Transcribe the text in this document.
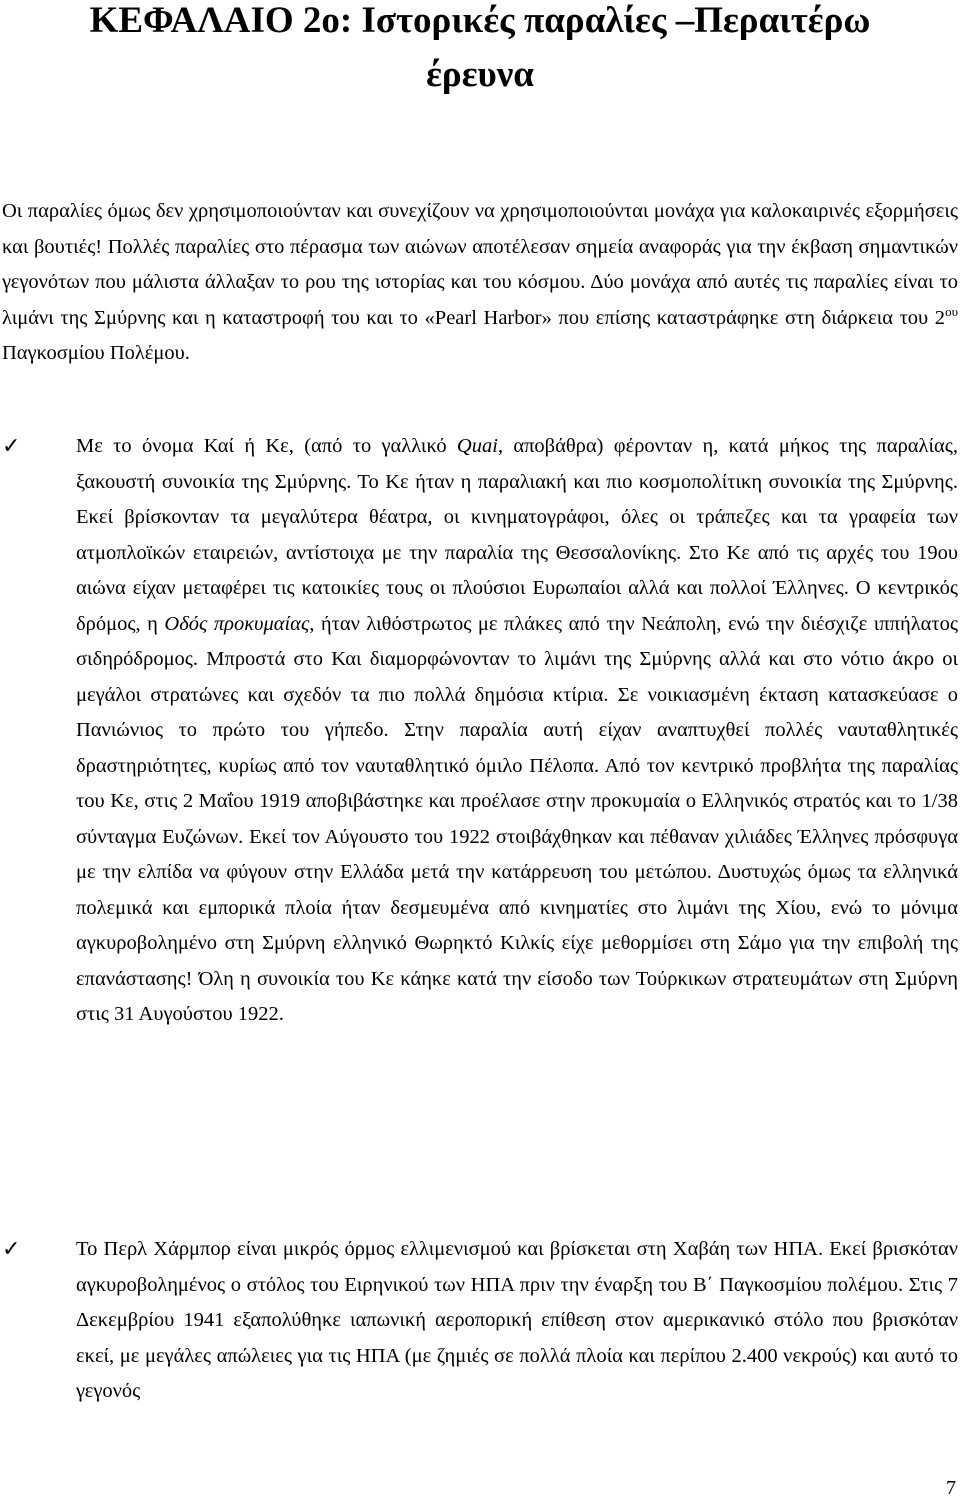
ΚΕΦΑΛΑΙΟ 2ο: Ιστορικές παραλίες –Περαιτέρω
έρευνα

Οι παραλίες όμως δεν χρησιμοποιούνταν και συνεχίζουν να χρησιμοποιούνται μονάχα για καλοκαιρινές εξορμήσεις και βουτιές! Πολλές παραλίες στο πέρασμα των αιώνων αποτέλεσαν σημεία αναφοράς για την έκβαση σημαντικών γεγονότων που μάλιστα άλλαξαν το ρου της ιστορίας και του κόσμου. Δύο μονάχα από αυτές τις παραλίες είναι το λιμάνι της Σμύρνης και η καταστροφή του και το «Pearl Harbor» που επίσης καταστράφηκε στη διάρκεια του $2^{o\upsilon}$ Παγκοσμίου Πολέμου.

✓	Με το όνομα Καί ή Κε, (από το γαλλικό Quai, αποβάθρα) φέρονταν η, κατά μήκος της παραλίας, ξακουστή συνοικία της Σμύρνης. Το Κε ήταν η παραλιακή και πιο κοσμοπολίτικη συνοικία της Σμύρνης. Εκεί βρίσκονταν τα μεγαλύτερα θέατρα, οι κινηματογράφοι, όλες οι τράπεζες και τα γραφεία των ατμοπλοϊκών εταιρειών, αντίστοιχα με την παραλία της Θεσσαλονίκης. Στο Κε από τις αρχές του 19ου αιώνα είχαν μεταφέρει τις κατοικίες τους οι πλούσιοι Ευρωπαίοι αλλά και πολλοί Έλληνες. Ο κεντρικός δρόμος, η Οδός προκυμαίας, ήταν λιθόστρωτος με πλάκες από την Νεάπολη, ενώ την διέσχιζε ιππήλατος σιδηρόδρομος. Μπροστά στο Και διαμορφώνονταν το λιμάνι της Σμύρνης αλλά και στο νότιο άκρο οι μεγάλοι στρατώνες και σχεδόν τα πιο πολλά δημόσια κτίρια. Σε νοικιασμένη έκταση κατασκεύασε ο Πανιώνιος το πρώτο του γήπεδο. Στην παραλία αυτή είχαν αναπτυχθεί πολλές ναυταθλητικές δραστηριότητες, κυρίως από τον ναυταθλητικό όμιλο Πέλοπα. Από τον κεντρικό προβλήτα της παραλίας του Κε, στις 2 Μαΐου 1919 αποβιβάστηκε και προέλασε στην προκυμαία ο Ελληνικός στρατός και το 1/38 σύνταγμα Ευζώνων. Εκεί τον Αύγουστο του 1922 στοιβάχθηκαν και πέθαναν χιλιάδες Έλληνες πρόσφυγα με την ελπίδα να φύγουν στην Ελλάδα μετά την κατάρρευση του μετώπου. Δυστυχώς όμως τα ελληνικά πολεμικά και εμπορικά πλοία ήταν δεσμευμένα από κινηματίες στο λιμάνι της Χίου, ενώ το μόνιμα αγκυροβολημένο στη Σμύρνη ελληνικό Θωρηκτό Κιλκίς είχε μεθορμίσει στη Σάμο για την επιβολή της επανάστασης! Όλη η συνοικία του Κε κάηκε κατά την είσοδο των Τούρκικων στρατευμάτων στη Σμύρνη στις 31 Αυγούστου 1922.
✓	Το Περλ Χάρμπορ είναι μικρός όρμος ελλιμενισμού και βρίσκεται στη Χαβάη των ΗΠΑ. Εκεί βρισκόταν αγκυροβολημένος ο στόλος του Ειρηνικού των ΗΠΑ πριν την έναρξη του Β΄ Παγκοσμίου πολέμου. Στις 7 Δεκεμβρίου 1941 εξαπολύθηκε ιαπωνική αεροπορική επίθεση στον αμερικανικό στόλο που βρισκόταν εκεί, με μεγάλες απώλειες για τις ΗΠΑ (με ζημιές σε πολλά πλοία και περίπου 2.400 νεκρούς) και αυτό το γεγονός
7
